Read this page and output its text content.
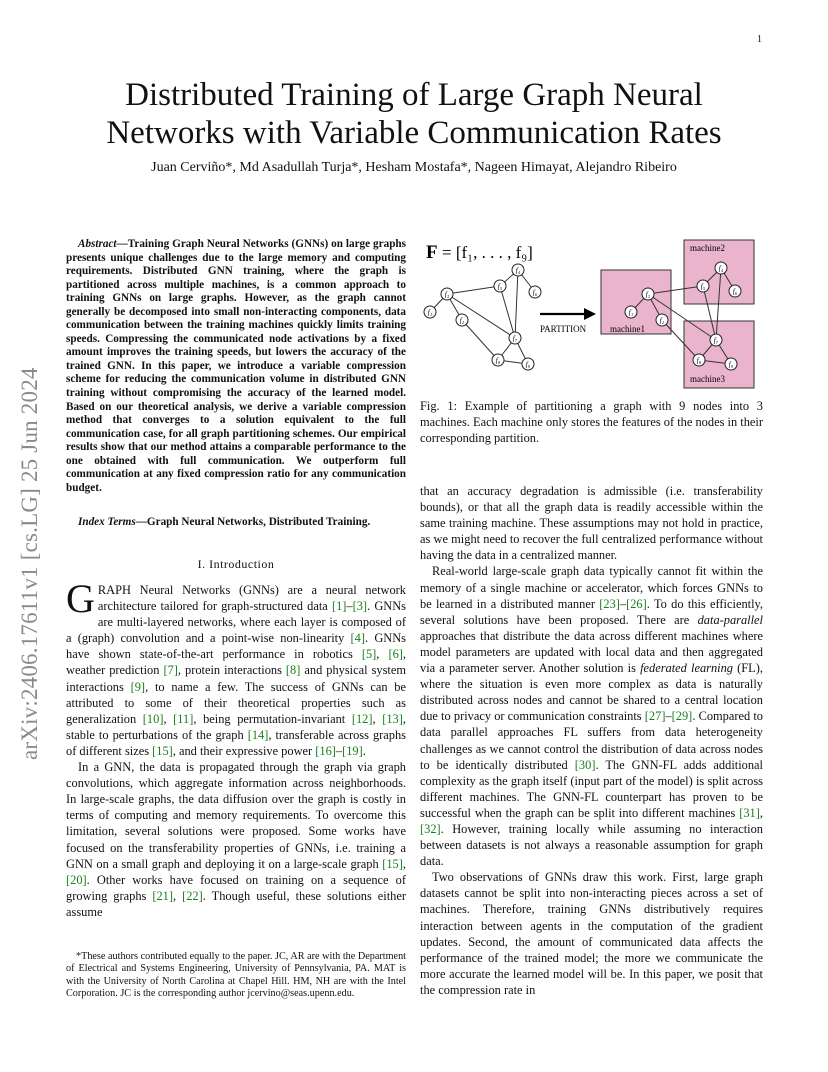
1
arXiv:2406.17611v1 [cs.LG] 25 Jun 2024
Distributed Training of Large Graph Neural Networks with Variable Communication Rates
Juan Cerviño*, Md Asadullah Turja*, Hesham Mostafa*, Nageen Himayat, Alejandro Ribeiro

Abstract—Training Graph Neural Networks (GNNs) on large graphs presents unique challenges due to the large memory and computing requirements. Distributed GNN training, where the graph is partitioned across multiple machines, is a common approach to training GNNs on large graphs. However, as the graph cannot generally be decomposed into small non-interacting components, data communication between the training machines quickly limits training speeds. Compressing the communicated node activations by a fixed amount improves the training speeds, but lowers the accuracy of the trained GNN. In this paper, we introduce a variable compression scheme for reducing the communication volume in distributed GNN training without compromising the accuracy of the learned model. Based on our theoretical analysis, we derive a variable compression method that converges to a solution equivalent to the full communication case, for all graph partitioning schemes. Our empirical results show that our method attains a comparable performance to the one obtained with full communication. We outperform full communication at any fixed compression ratio for any communication budget.

Index Terms—Graph Neural Networks, Distributed Training.

I. Introduction

GRAPH Neural Networks (GNNs) are a neural network architecture tailored for graph-structured data [1]–[3]. GNNs are multi-layered networks, where each layer is composed of a (graph) convolution and a point-wise non-linearity [4]. GNNs have shown state-of-the-art performance in robotics [5], [6], weather prediction [7], protein interactions [8] and physical system interactions [9], to name a few. The success of GNNs can be attributed to some of their theoretical properties such as generalization [10], [11], being permutation-invariant [12], [13], stable to perturbations of the graph [14], transferable across graphs of different sizes [15], and their expressive power [16]–[19].

In a GNN, the data is propagated through the graph via graph convolutions, which aggregate information across neighborhoods. In large-scale graphs, the data diffusion over the graph is costly in terms of computing and memory requirements. To overcome this limitation, several solutions were proposed. Some works have focused on the transferability properties of GNNs, i.e. training a GNN on a small graph and deploying it on a large-scale graph [15], [20]. Other works have focused on training on a sequence of growing graphs [21], [22]. Though useful, these solutions either assume

*These authors contributed equally to the paper. JC, AR are with the Department of Electrical and Systems Engineering, University of Pennsylvania, PA. MAT is with the University of North Carolina at Chapel Hill. HM, NH are with the Intel Corporation. JC is the corresponding author jcervino@seas.upenn.edu.
F = [f₁, . . . , f₉]
f₁
f₂
f₃
f₄
f₅
f₆
f₇
f₈	f₉
PARTITION	machine1
machine2
machine3
f₁
f₂
f₃
f₄
f₅
f₆
f₇
f₈	f₉
Fig. 1: Example of partitioning a graph with 9 nodes into 3 machines. Each machine only stores the features of the nodes in their corresponding partition.

that an accuracy degradation is admissible (i.e. transferability bounds), or that all the graph data is readily accessible within the same training machine. These assumptions may not hold in practice, as we might need to recover the full centralized performance without having the data in a centralized manner.

Real-world large-scale graph data typically cannot fit within the memory of a single machine or accelerator, which forces GNNs to be learned in a distributed manner [23]–[26]. To do this efficiently, several solutions have been proposed. There are data-parallel approaches that distribute the data across different machines where model parameters are updated with local data and then aggregated via a parameter server. Another solution is federated learning (FL), where the situation is even more complex as data is naturally distributed across nodes and cannot be shared to a central location due to privacy or communication constraints [27]–[29]. Compared to data parallel approaches FL suffers from data heterogeneity challenges as we cannot control the distribution of data across nodes to be identically distributed [30]. The GNN-FL adds additional complexity as the graph itself (input part of the model) is split across different machines. The GNN-FL counterpart has proven to be successful when the graph can be split into different machines [31], [32]. However, training locally while assuming no interaction between datasets is not always a reasonable assumption for graph data.

Two observations of GNNs draw this work. First, large graph datasets cannot be split into non-interacting pieces across a set of machines. Therefore, training GNNs distributively requires interaction between agents in the computation of the gradient updates. Second, the amount of communicated data affects the performance of the trained model; the more we communicate the more accurate the learned model will be. In this paper, we posit that the compression rate in
